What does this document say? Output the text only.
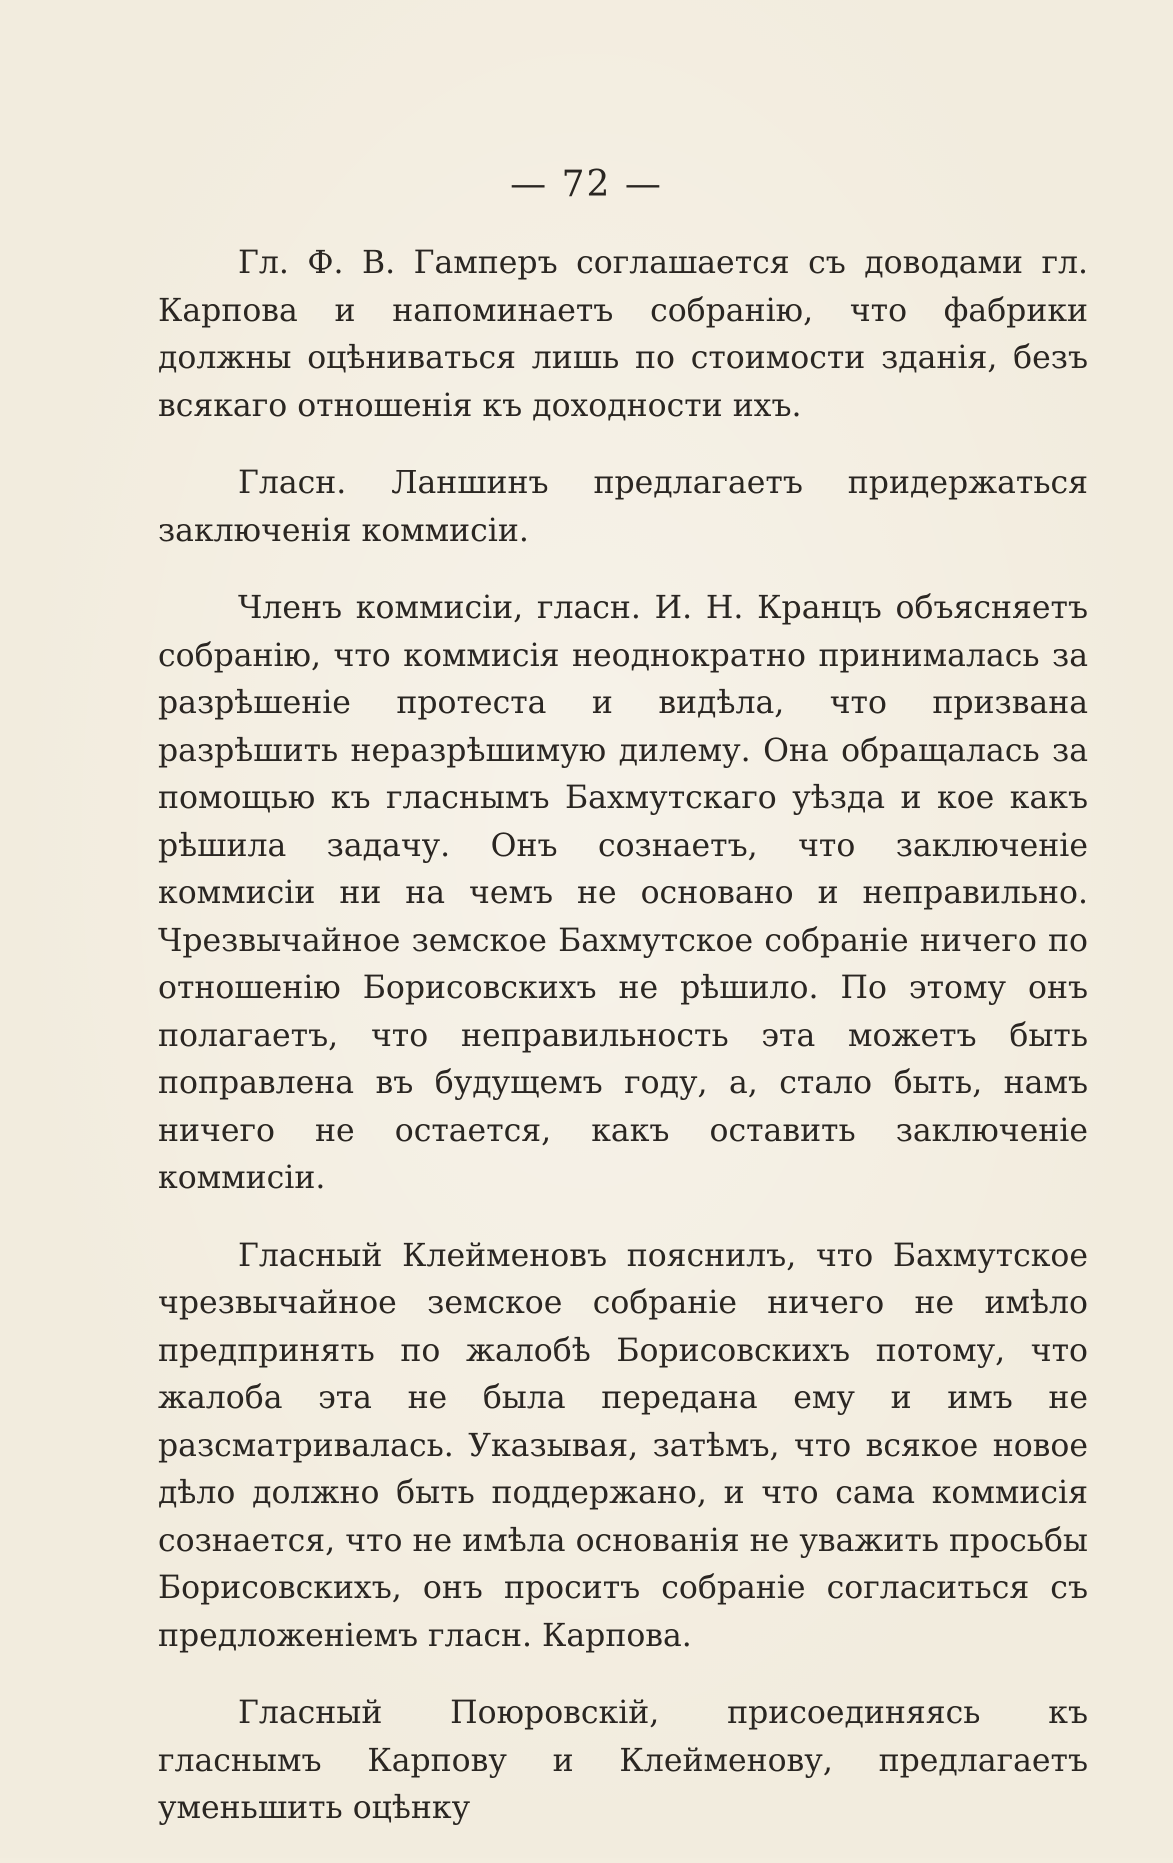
— 72 —

Гл. Ф. В. Гамперъ соглашается съ доводами гл. Карпова и напоминаетъ собранію, что фабрики должны оцѣниваться лишь по стоимости зданія, безъ всякаго отношенія къ доходности ихъ.

Гласн. Ланшинъ предлагаетъ придержаться заключенія коммисіи.

Членъ коммисіи, гласн. И. Н. Кранцъ объясняетъ собранію, что коммисія неоднократно принималась за разрѣшеніе протеста и видѣла, что призвана разрѣшить неразрѣшимую дилему. Она обращалась за помощью къ гласнымъ Бахмутскаго уѣзда и кое какъ рѣшила задачу. Онъ сознаетъ, что заключеніе коммисіи ни на чемъ не основано и неправильно. Чрезвычайное земское Бахмутское собраніе ничего по отношенію Борисовскихъ не рѣшило. По этому онъ полагаетъ, что неправильность эта можетъ быть поправлена въ будущемъ году, а, стало быть, намъ ничего не остается, какъ оставить заключеніе коммисіи.

Гласный Клейменовъ пояснилъ, что Бахмутское чрезвычайное земское собраніе ничего не имѣло предпринять по жалобѣ Борисовскихъ потому, что жалоба эта не была передана ему и имъ не разсматривалась. Указывая, затѣмъ, что всякое новое дѣло должно быть поддержано, и что сама коммисія сознается, что не имѣла основанія не уважить просьбы Борисовскихъ, онъ проситъ собраніе согласиться съ предложеніемъ гласн. Карпова.

Гласный Поюровскій, присоединяясь къ гласнымъ Карпову и Клейменову, предлагаетъ уменьшить оцѣнку
